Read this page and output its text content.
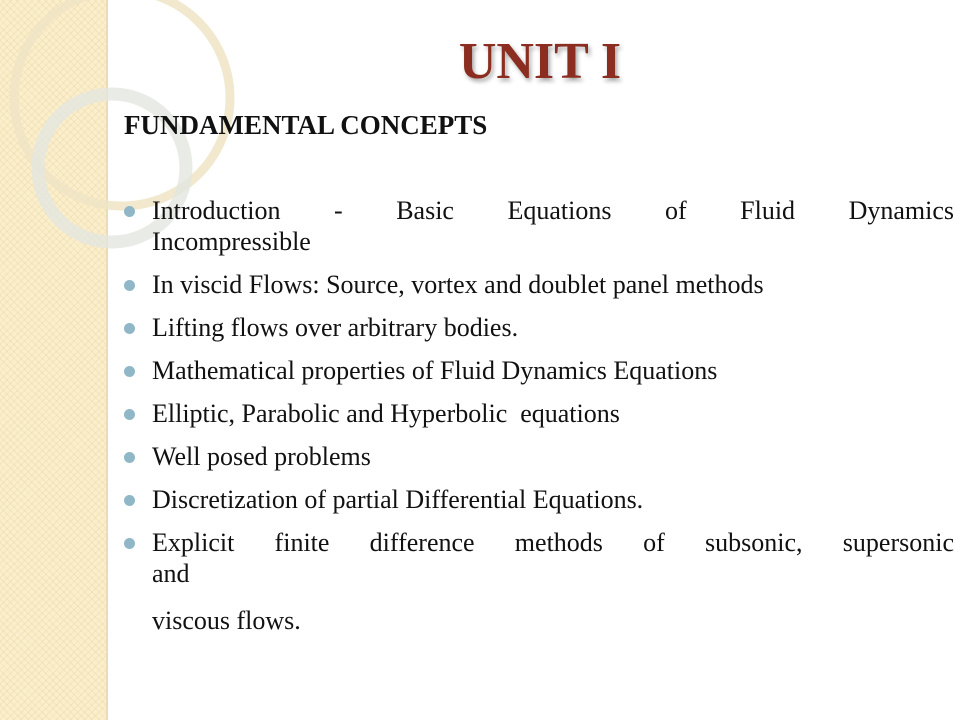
UNIT I
FUNDAMENTAL CONCEPTS
Introduction - Basic Equations of Fluid Dynamics
Incompressible
In viscid Flows: Source, vortex and doublet panel methods
Lifting flows over arbitrary bodies.
Mathematical properties of Fluid Dynamics Equations
Elliptic, Parabolic and Hyperbolic  equations
Well posed problems
Discretization of partial Differential Equations.
Explicit finite difference methods of subsonic, supersonic
and
viscous flows.
